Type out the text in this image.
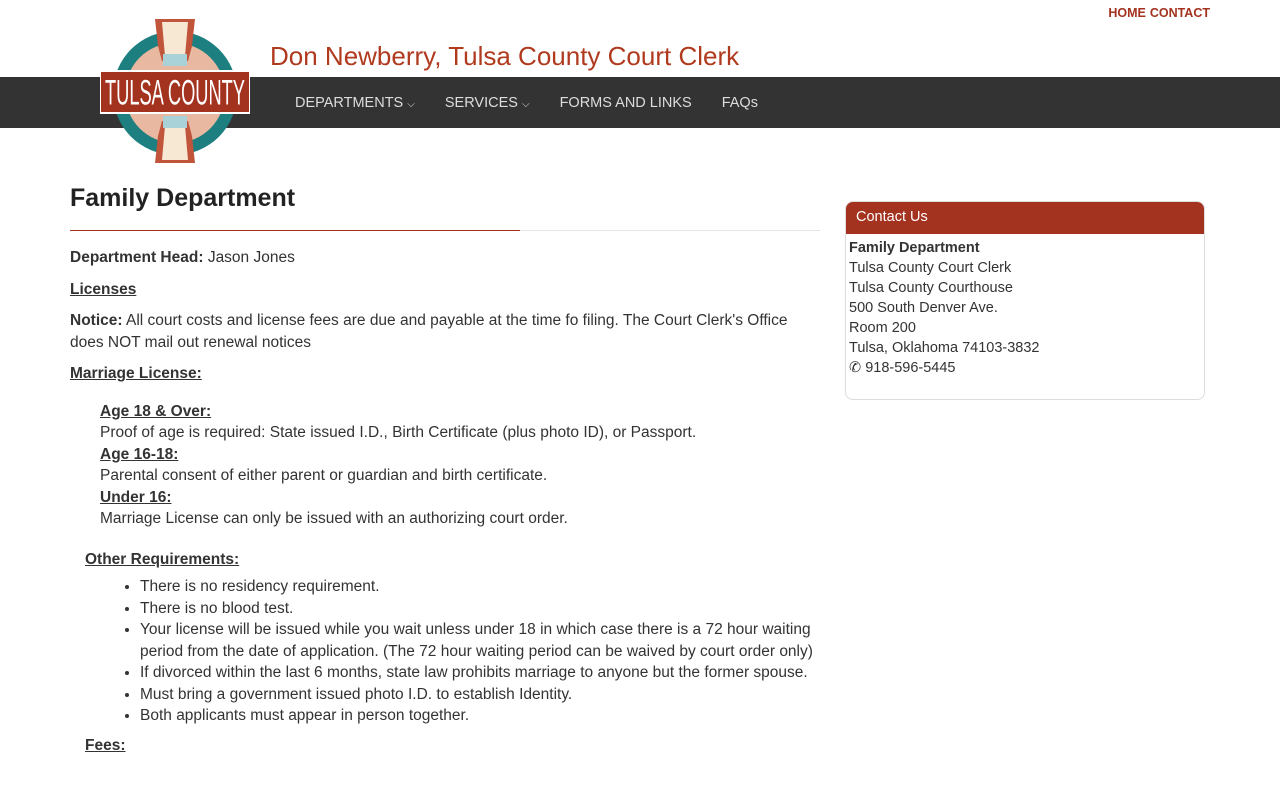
HOME CONTACT
Don Newberry, Tulsa County Court Clerk
DEPARTMENTS ⌵ SERVICES ⌵ FORMS AND LINKS FAQs
TULSA COUNTY
Family Department

Department Head: Jason Jones

Licenses

Notice: All court costs and license fees are due and payable at the time fo filing. The Court Clerk's Office does NOT mail out renewal notices

Marriage License:

Age 18 & Over:
Proof of age is required: State issued I.D., Birth Certificate (plus photo ID), or Passport.
Age 16-18:
Parental consent of either parent or guardian and birth certificate.
Under 16:
Marriage License can only be issued with an authorizing court order.

Other Requirements:

• There is no residency requirement.
• There is no blood test.
• Your license will be issued while you wait unless under 18 in which case there is a 72 hour waiting period from the date of application. (The 72 hour waiting period can be waived by court order only)
• If divorced within the last 6 months, state law prohibits marriage to anyone but the former spouse.
• Must bring a government issued photo I.D. to establish Identity.
• Both applicants must appear in person together.

Fees:

Contact Us
Family Department
Tulsa County Court Clerk
Tulsa County Courthouse
500 South Denver Ave.
Room 200
Tulsa, Oklahoma 74103-3832
✆ 918-596-5445
